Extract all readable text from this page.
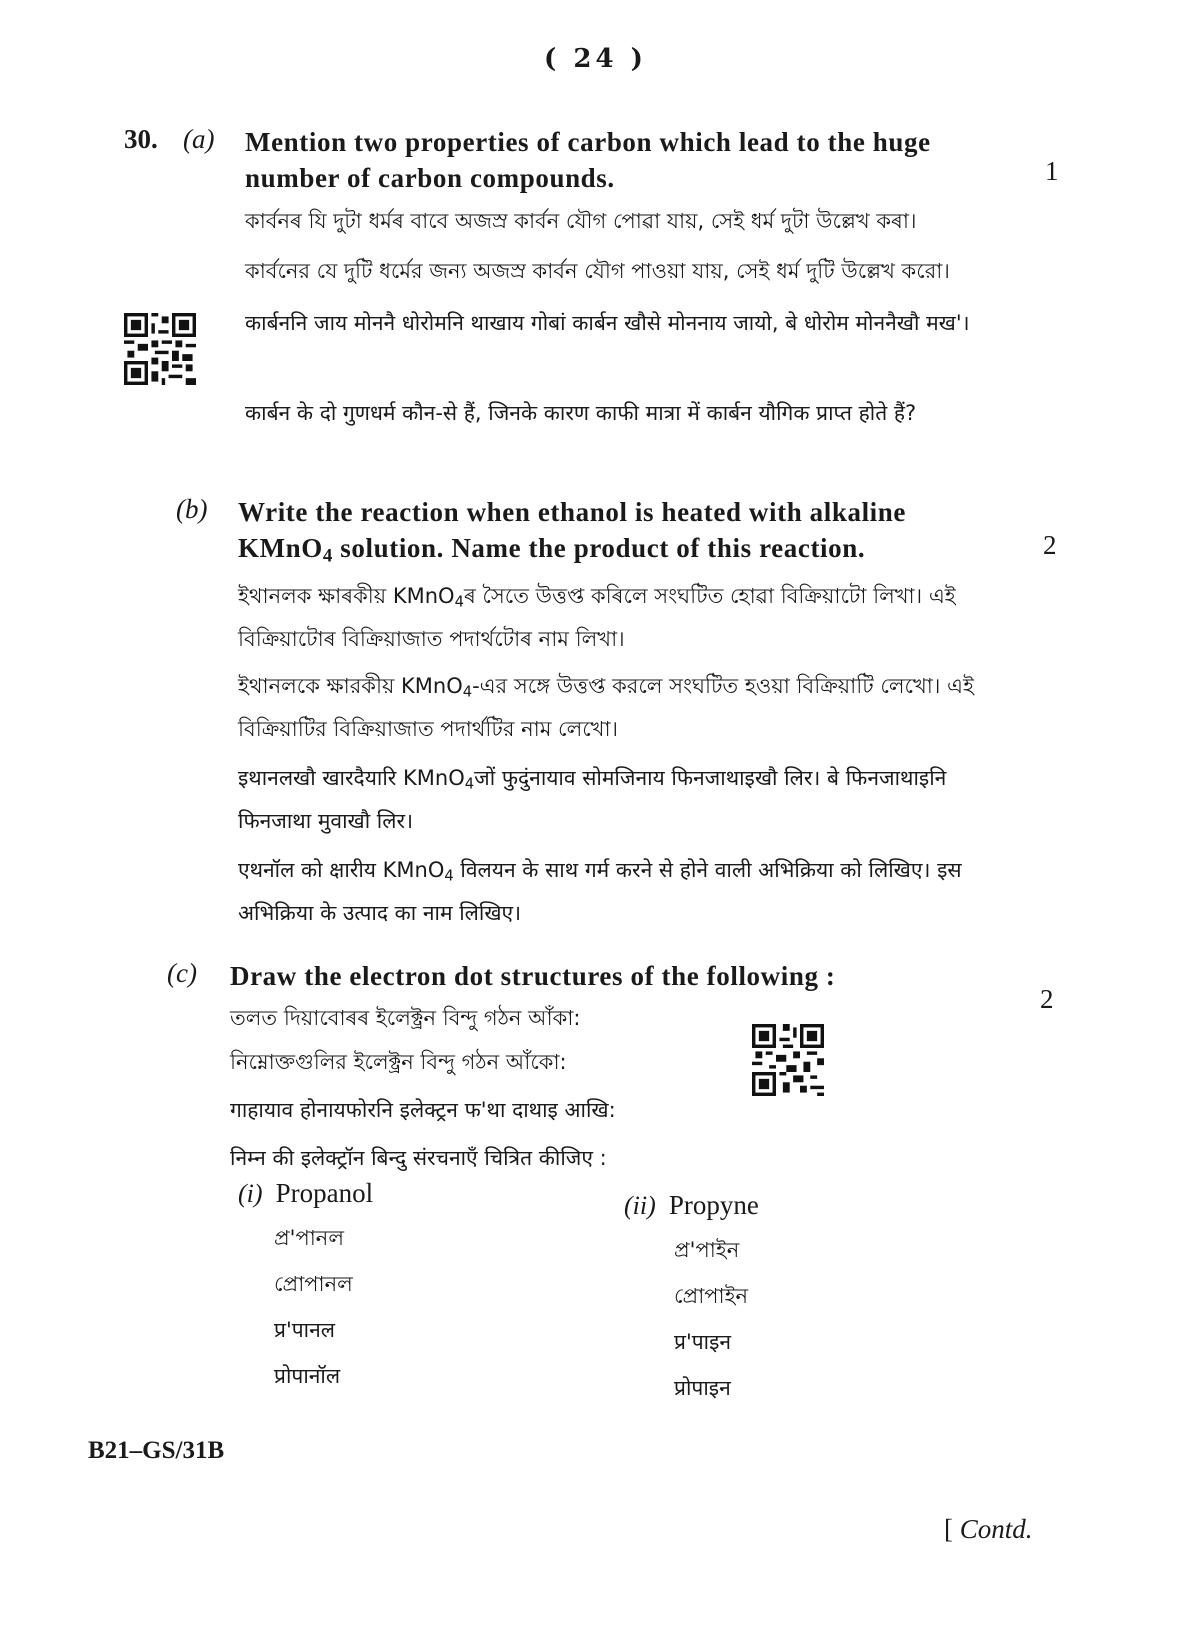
( 24 )
30. (a) Mention two properties of carbon which lead to the huge number of carbon compounds.	1
কাৰ্বনৰ যি দুটা ধৰ্মৰ বাবে অজস্ৰ কাৰ্বন যৌগ পোৱা যায়, সেই ধৰ্ম দুটা উল্লেখ কৰা।
কার্বনের যে দুটি ধর্মের জন্য অজস্র কার্বন যৌগ পাওয়া যায়, সেই ধর্ম দুটি উল্লেখ করো।
कार्बननि जाय मोननै धोरोमनि थाखाय गोबां कार्बन खौसे मोननाय जायो, बे धोरोम मोननैखौ मख'।
कार्बन के दो गुणधर्म कौन-से हैं, जिनके कारण काफी मात्रा में कार्बन यौगिक प्राप्त होते हैं?
(b) Write the reaction when ethanol is heated with alkaline
KMnO$_4$ solution. Name the product of this reaction.	2
ইথানলক ক্ষাৰকীয় KMnO$_4$ৰ সৈতে উত্তপ্ত কৰিলে সংঘটিত হোৱা বিক্ৰিয়াটো লিখা। এই বিক্ৰিয়াটোৰ বিক্ৰিয়াজাত পদাৰ্থটোৰ নাম লিখা।
ইথানলকে ক্ষারকীয় KMnO$_4$-এর সঙ্গে উত্তপ্ত করলে সংঘটিত হওয়া বিক্রিয়াটি লেখো। এই বিক্রিয়াটির বিক্রিয়াজাত পদার্থটির নাম লেখো।
इथानलखौ खारदैयारि KMnO$_4$जों फुदुंनायाव सोमजिनाय फिनजाथाइखौ लिर। बे फिनजाथाइनि फिनजाथा मुवाखौ लिर।
एथनॉल को क्षारीय KMnO$_4$ विलयन के साथ गर्म करने से होने वाली अभिक्रिया को लिखिए। इस अभिक्रिया के उत्पाद का नाम लिखिए।
(c) Draw the electron dot structures of the following :
2
তলত দিয়াবোৰৰ ইলেক্ট্ৰন বিন্দু গঠন আঁকা:
নিম্নোক্তগুলির ইলেক্ট্রন বিন্দু গঠন আঁকো:
गाहायाव होनायफोरनि इलेक्ट्रन फ'था दाथाइ आखि:
निम्न की इलेक्ट्रॉन बिन्दु संरचनाएँ चित्रित कीजिए :
(i) Propanol
প্ৰ'পানল
প্রোপানল
प्र'पानल
प्रोपानॉल
(ii) Propyne
প্ৰ'পাইন
প্রোপাইন
प्र'पाइन
प्रोपाइन
B21–GS/31B
[ Contd.
